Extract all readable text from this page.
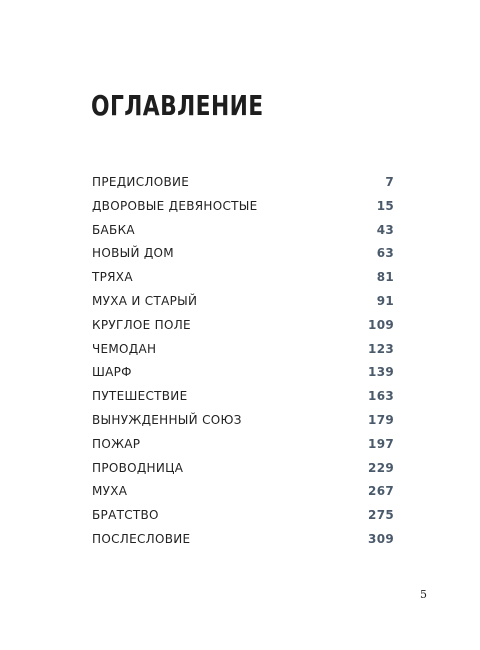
ОГЛАВЛЕНИЕ
ПРЕДИСЛОВИЕ	7
ДВОРОВЫЕ ДЕВЯНОСТЫЕ	15
БАБКА	43
НОВЫЙ ДОМ	63
ТРЯХА	81
МУХА И СТАРЫЙ	91
КРУГЛОЕ ПОЛЕ	109
ЧЕМОДАН	123
ШАРФ	139
ПУТЕШЕСТВИЕ	163
ВЫНУЖДЕННЫЙ СОЮЗ	179
ПОЖАР	197
ПРОВОДНИЦА	229
МУХА	267
БРАТСТВО	275
ПОСЛЕСЛОВИЕ	309
5
